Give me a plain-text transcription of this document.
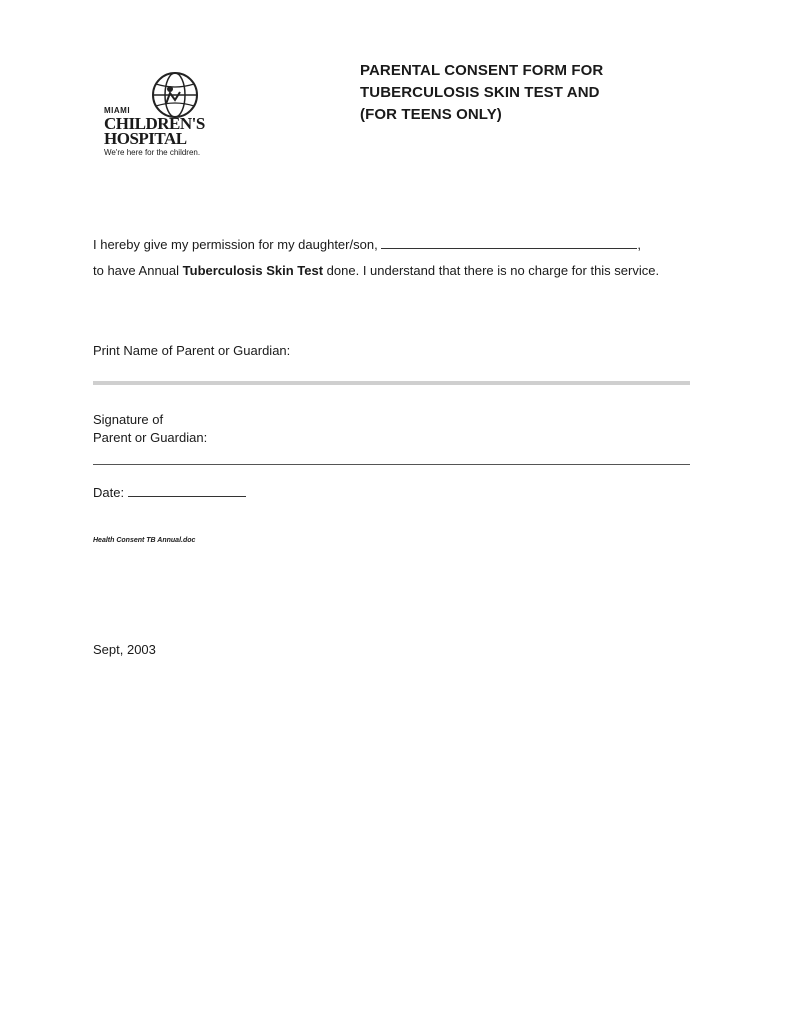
MIAMI
CHILDREN'S
HOSPITAL
We're here for the children.
PARENTAL CONSENT FORM FOR
TUBERCULOSIS SKIN TEST AND
(FOR TEENS ONLY)

I hereby give my permission for my daughter/son,	,
to have Annual Tuberculosis Skin Test done. I understand that there is no charge for this service.

Print Name of Parent or Guardian:

Signature of
Parent or Guardian:

Date:

Health Consent TB Annual.doc

Sept, 2003
